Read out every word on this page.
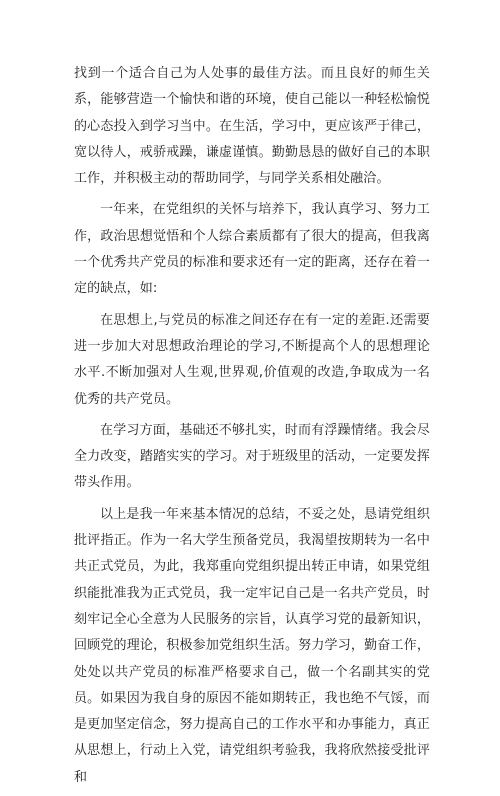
找到一个适合自己为人处事的最佳方法。而且良好的师生关系，能够营造一个愉快和谐的环境，使自己能以一种轻松愉悦的心态投入到学习当中。在生活，学习中，更应该严于律己，宽以待人，戒骄戒躁，谦虚谨慎。勤勤恳恳的做好自己的本职工作，并积极主动的帮助同学，与同学关系相处融洽。

一年来，在党组织的关怀与培养下，我认真学习、努力工作，政治思想觉悟和个人综合素质都有了很大的提高，但我离一个优秀共产党员的标准和要求还有一定的距离，还存在着一定的缺点，如:

在思想上,与党员的标准之间还存在有一定的差距.还需要进一步加大对思想政治理论的学习,不断提高个人的思想理论水平.不断加强对人生观,世界观,价值观的改造,争取成为一名优秀的共产党员。

在学习方面，基础还不够扎实，时而有浮躁情绪。我会尽全力改变，踏踏实实的学习。对于班级里的活动，一定要发挥带头作用。

以上是我一年来基本情况的总结，不妥之处，恳请党组织批评指正。作为一名大学生预备党员，我渴望按期转为一名中共正式党员，为此，我郑重向党组织提出转正申请，如果党组织能批准我为正式党员，我一定牢记自己是一名共产党员，时刻牢记全心全意为人民服务的宗旨，认真学习党的最新知识，回顾党的理论，积极参加党组织生活。努力学习，勤奋工作，处处以共产党员的标准严格要求自己，做一个名副其实的党员。如果因为我自身的原因不能如期转正，我也绝不气馁，而是更加坚定信念，努力提高自己的工作水平和办事能力，真正从思想上，行动上入党，请党组织考验我，我将欣然接受批评和
